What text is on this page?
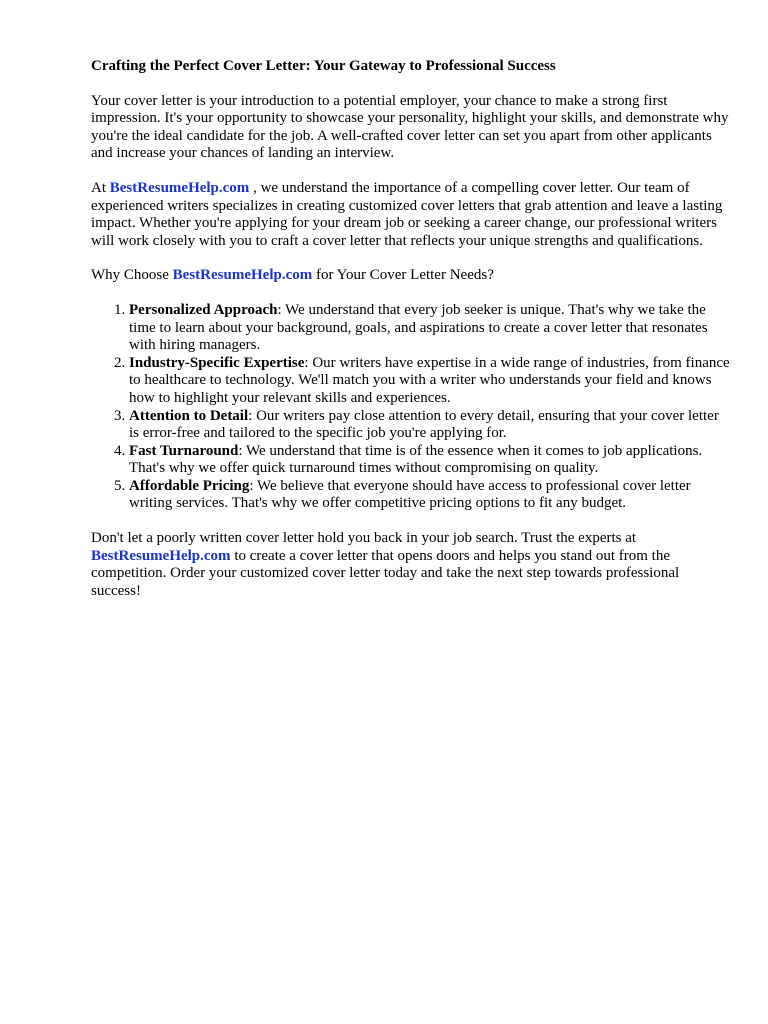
Crafting the Perfect Cover Letter: Your Gateway to Professional Success

Your cover letter is your introduction to a potential employer, your chance to make a strong first impression. It's your opportunity to showcase your personality, highlight your skills, and demonstrate why you're the ideal candidate for the job. A well-crafted cover letter can set you apart from other applicants and increase your chances of landing an interview.

At BestResumeHelp.com , we understand the importance of a compelling cover letter. Our team of experienced writers specializes in creating customized cover letters that grab attention and leave a lasting impact. Whether you're applying for your dream job or seeking a career change, our professional writers will work closely with you to craft a cover letter that reflects your unique strengths and qualifications.

Why Choose BestResumeHelp.com for Your Cover Letter Needs?

1. Personalized Approach: We understand that every job seeker is unique. That's why we take the time to learn about your background, goals, and aspirations to create a cover letter that resonates with hiring managers.
2. Industry-Specific Expertise: Our writers have expertise in a wide range of industries, from finance to healthcare to technology. We'll match you with a writer who understands your field and knows how to highlight your relevant skills and experiences.
3. Attention to Detail: Our writers pay close attention to every detail, ensuring that your cover letter is error-free and tailored to the specific job you're applying for.
4. Fast Turnaround: We understand that time is of the essence when it comes to job applications. That's why we offer quick turnaround times without compromising on quality.
5. Affordable Pricing: We believe that everyone should have access to professional cover letter writing services. That's why we offer competitive pricing options to fit any budget.

Don't let a poorly written cover letter hold you back in your job search. Trust the experts at BestResumeHelp.com to create a cover letter that opens doors and helps you stand out from the competition. Order your customized cover letter today and take the next step towards professional success!
